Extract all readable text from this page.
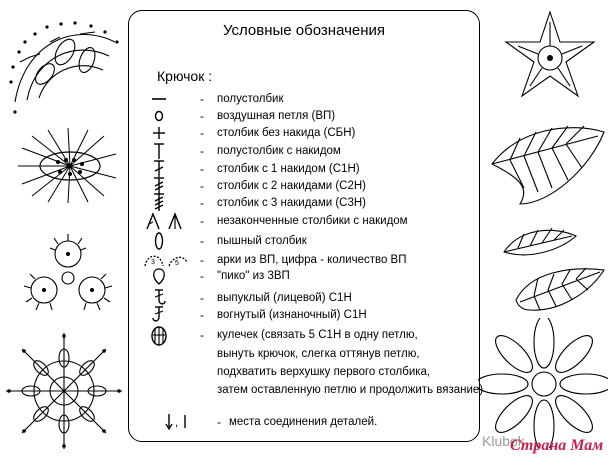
Условные обозначения
Крючок :
- полустолбик
- воздушная петля (ВП)
- столбик без накида (СБН)
- полустолбик с накидом
- столбик с 1 накидом (С1Н)
- столбик с 2 накидами (С2Н)
- столбик с 3 накидами (С3Н)
- незаконченные столбики с накидом
- пышный столбик
3	5 - арки из ВП, цифра - количество ВП
- "пико" из 3ВП
- выпуклый (лицевой) С1Н
- вогнутый (изнаночный) С1Н
- кулечек (связать 5 С1Н в одну петлю,
вынуть крючок, слегка оттянув петлю,
подхватить верхушку первого столбика,
затем оставленную петлю и продолжить вязание)
,	- места соединения деталей.
Klubok
Страна Мам
